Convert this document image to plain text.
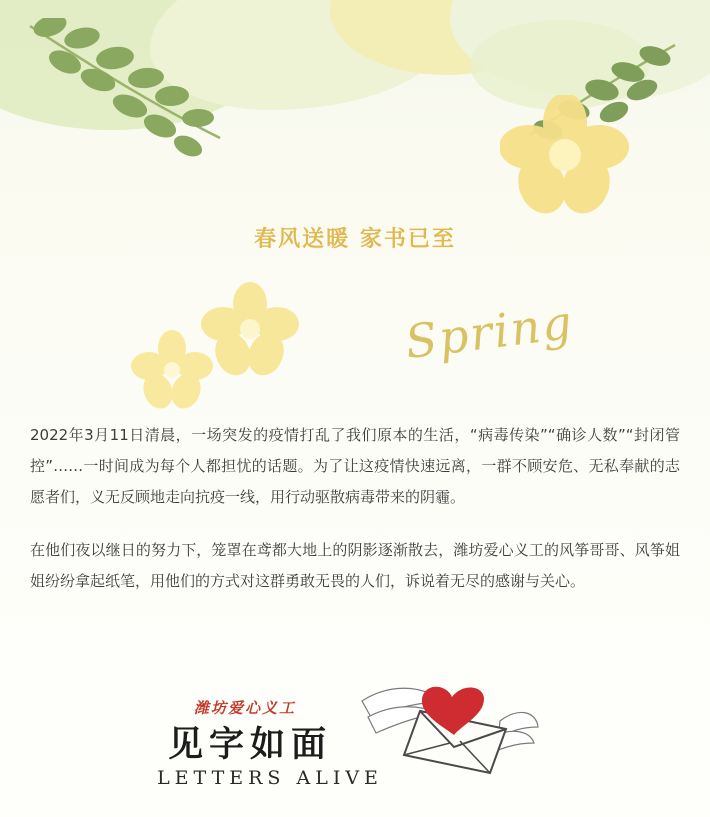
春风送暖 家书已至
Spring

2022年3月11日清晨，一场突发的疫情打乱了我们原本的生活，“病毒传染”“确诊人数”“封闭管控”……一时间成为每个人都担忧的话题。为了让这疫情快速远离，一群不顾安危、无私奉献的志愿者们，义无反顾地走向抗疫一线，用行动驱散病毒带来的阴霾。

在他们夜以继日的努力下，笼罩在鸢都大地上的阴影逐渐散去，潍坊爱心义工的风筝哥哥、风筝姐姐纷纷拿起纸笔，用他们的方式对这群勇敢无畏的人们，诉说着无尽的感谢与关心。

潍坊爱心义工
见字如面
LETTERS ALIVE
